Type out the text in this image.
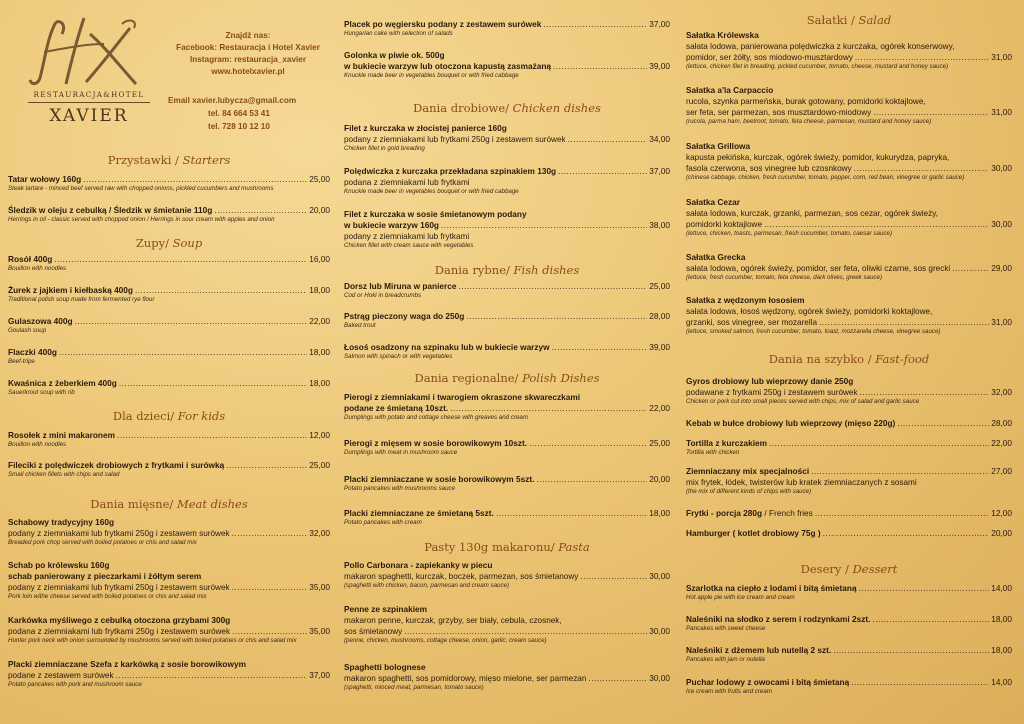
RESTAURACJA&HOTEL
XAVIER
Znajdź nas:
Facebook: Restauracja i Hotel Xavier
Instagram: restauracja_xavier
www.hotelxavier.pl
Email xavier.lubycza@gmail.com
tel. 84 664 53 41
tel. 728 10 12 10
Przystawki / Starters
Tatar wołowy 160g .....	25,00
Steak tartare - minced beef served raw with chopped onions, pickled cucumbers and mushrooms
Śledzik w oleju z cebulką / Śledzik w śmietanie 110g .....	20,00
Herrings in oil - classic served with chopped onion / Herrings in sour cream with apples and onion
Zupy/ Soup
Rosół 400g .....	16,00
Bouillon with noodles
Żurek z jajkiem i kiełbaską 400g .....	18,00
Traditional polish soup made from fermented rye flour
Gulaszowa 400g .....	22,00
Goulash soup
Flaczki 400g .....	18,00
Beef-tripe
Kwaśnica z żeberkiem 400g .....	18,00
Sauerkrout soup with rib
Dla dzieci/ For kids
Rosołek z mini makaronem .....	12,00
Bouillon with noodles
Fileciki z polędwiczek drobiowych z frytkami i surówką .....	25,00
Small chicken fillets with chips and salad
Dania mięsne/ Meat dishes
Schabowy tradycyjny 160g
podany z ziemniakami lub frytkami 250g i zestawem surówek .....	32,00
Breaded pork chop served with boiled potatoes or chis and salad mix
Schab po królewsku 160g
schab panierowany z pieczarkami i żółtym serem
podany z ziemniakami lub frytkami 250g i zestawem surówek .....	35,00
Pork loin withe cheese served with boiled potatoes or chis and salad mix
Karkówka myśliwego z cebulką otoczona grzybami 300g
podana z ziemniakami lub frytkami 250g i zestawem surówek .....	35,00
Hunter pork neck with onion surrounded by mushrooms served with boiled potatoes or chis and salad mix
Placki ziemniaczane Szefa z karkówką z sosie borowikowym
podane z zestawem surówek .....	37,00
Potato pancakes with pork and mushroom sauce
Placek po węgiersku podany z zestawem surówek .....	37,00
Hungarian cake with selection of salads
Golonka w piwie ok. 500g
w bukiecie warzyw lub otoczona kapustą zasmażaną .....	39,00
Knuckle made beer in vegetables bouquet or with fried cabbage
Dania drobiowe/ Chicken dishes
Filet z kurczaka w złocistej panierce 160g
podany z ziemniakami lub frytkami 250g i zestawem surówek .....	34,00
Chicken fillet in gold breading
Polędwiczka z kurczaka przekładana szpinakiem 130g .....	37,00
podana z ziemniakami lub frytkami
Knuckle made beer in vegetables bouquet or with fried cabbage
Filet z kurczaka w sosie śmietanowym podany
w bukiecie warzyw 160g .....	38,00
podany z ziemniakami lub frytkami
Chicken fillet with cream sauce with vegetables
Dania rybne/ Fish dishes
Dorsz lub Miruna w panierce .....	25,00
Cod or Hoki in breadcrumbs
Pstrąg pieczony waga do 250g .....	28,00
Baked trout
Łosoś osadzony na szpinaku lub w bukiecie warzyw .....	39,00
Salmon with spinach or with vegetables
Dania regionalne/ Polish Dishes
Pierogi z ziemniakami i twarogiem okraszone skwareczkami
podane ze śmietaną 10szt. .....	22,00
Dumplings with potato and cottage cheese with greaves and cream
Pierogi z mięsem w sosie borowikowym 10szt. .....	25,00
Dumplings with meat in mushroom sauce
Placki ziemniaczane w sosie borowikowym 5szt. .....	20,00
Potato pancakes with mushrooms sauce
Placki ziemniaczane ze śmietaną 5szt. .....	18,00
Potato pancakes with cream
Pasty 130g makaronu/ Pasta
Pollo Carbonara - zapiekanky w piecu
makaron spaghetti, kurczak, boczek, parmezan, sos śmietanowy .....	30,00
(spaghetti with chicken, bacon, parmesan and cream sauce)
Penne ze szpinakiem
makaron penne, kurczak, grzyby, ser biały, cebula, czosnek,
sos śmietanowy .....	30,00
(penne, chicken, mushrooms, cottage cheese, onion, garlic, cream sauce)
Spaghetti bolognese
makaron spaghetti, sos pomidorowy, mięso mielone, ser parmezan .....	30,00
(spaghetti, minced meat, parmesan, tomato sauce)
Sałatki / Salad
Sałatka Królewska
sałata lodowa, panierowana polędwiczka z kurczaka, ogórek konserwowy,
pomidor, ser żółty, sos miodowo-musztardowy .....	31,00
(lettuce, chicken filet in breading, pickled cucumber, tomato, cheese, mustard and honey sauce)
Sałatka a'la Carpaccio
rucola, szynka parmeńska, burak gotowany, pomidorki koktajlowe,
ser feta, ser parmezan, sos musztardowo-miodowy .....	31,00
(rucola, parma ham, beetroot, tomato, feta cheese, parmesan, mustard and honey sauce)
Sałatka Grillowa
kapusta pekińska, kurczak, ogórek świeży, pomidor, kukurydza, papryka,
fasola czerwona, sos vinegree lub czosnkowy .....	30,00
(chinese cabbage, chicken, fresh cucumber, tomato, pepper, corn, red bean, vinegree or garlic sauce)
Sałatka Cezar
sałata lodowa, kurczak, grzanki, parmezan, sos cezar, ogórek świeży,
pomidorki koktajlowe .....	30,00
(lettuce, chicken, toasts, parmesan, fresh cucumber, tomato, caesar sauce)
Sałatka Grecka
sałata lodowa, ogórek świeży, pomidor, ser feta, oliwki czarne, sos grecki .....	29,00
(lettuce, fresh cucumber, tomato, feta cheese, dark olives, greek sauce)
Sałatka z wędzonym łososiem
sałata lodowa, łosoś wędzony, ogórek świeży, pomidorki koktajlowe,
grzanki, sos vinegree, ser mozarella .....	31,00
(lettuce, smoked salmon, fresh cucumber, tomato, toast, mozzarella cheese, vinegree sauce)
Dania na szybko / Fast-food
Gyros drobiowy lub wieprzowy danie 250g
podawane z frytkami 250g i zestawem surówek .....	32,00
Chicken or pork cut into small pieces served with chips, mix of salad and garlic sauce
Kebab w bułce drobiowy lub wieprzowy (mięso 220g) .....	28,00
Tortilla z kurczakiem .....	22,00
Tortilla with chicken
Ziemniaczany mix specjalności .....	27,00
mix frytek, łódek, twisterów lub kratek ziemniaczanych z sosami
(the mix of different kinds of chips with sauce)
Frytki - porcja 280g / French fries .....	12,00
Hamburger ( kotlet drobiowy 75g ) .....	20,00
Desery / Dessert
Szarlotka na ciepło z lodami i bitą śmietaną .....	14,00
Hot apple pie with ice cream and cream
Naleśniki na słodko z serem i rodzynkami 2szt. .....	18,00
Pancakes with sweet cheese
Naleśniki z dżemem lub nutellą 2 szt. .....	18,00
Pancakes with jam or nutella
Puchar lodowy z owocami i bitą śmietaną .....	14,00
Ice cream with fruits and cream
